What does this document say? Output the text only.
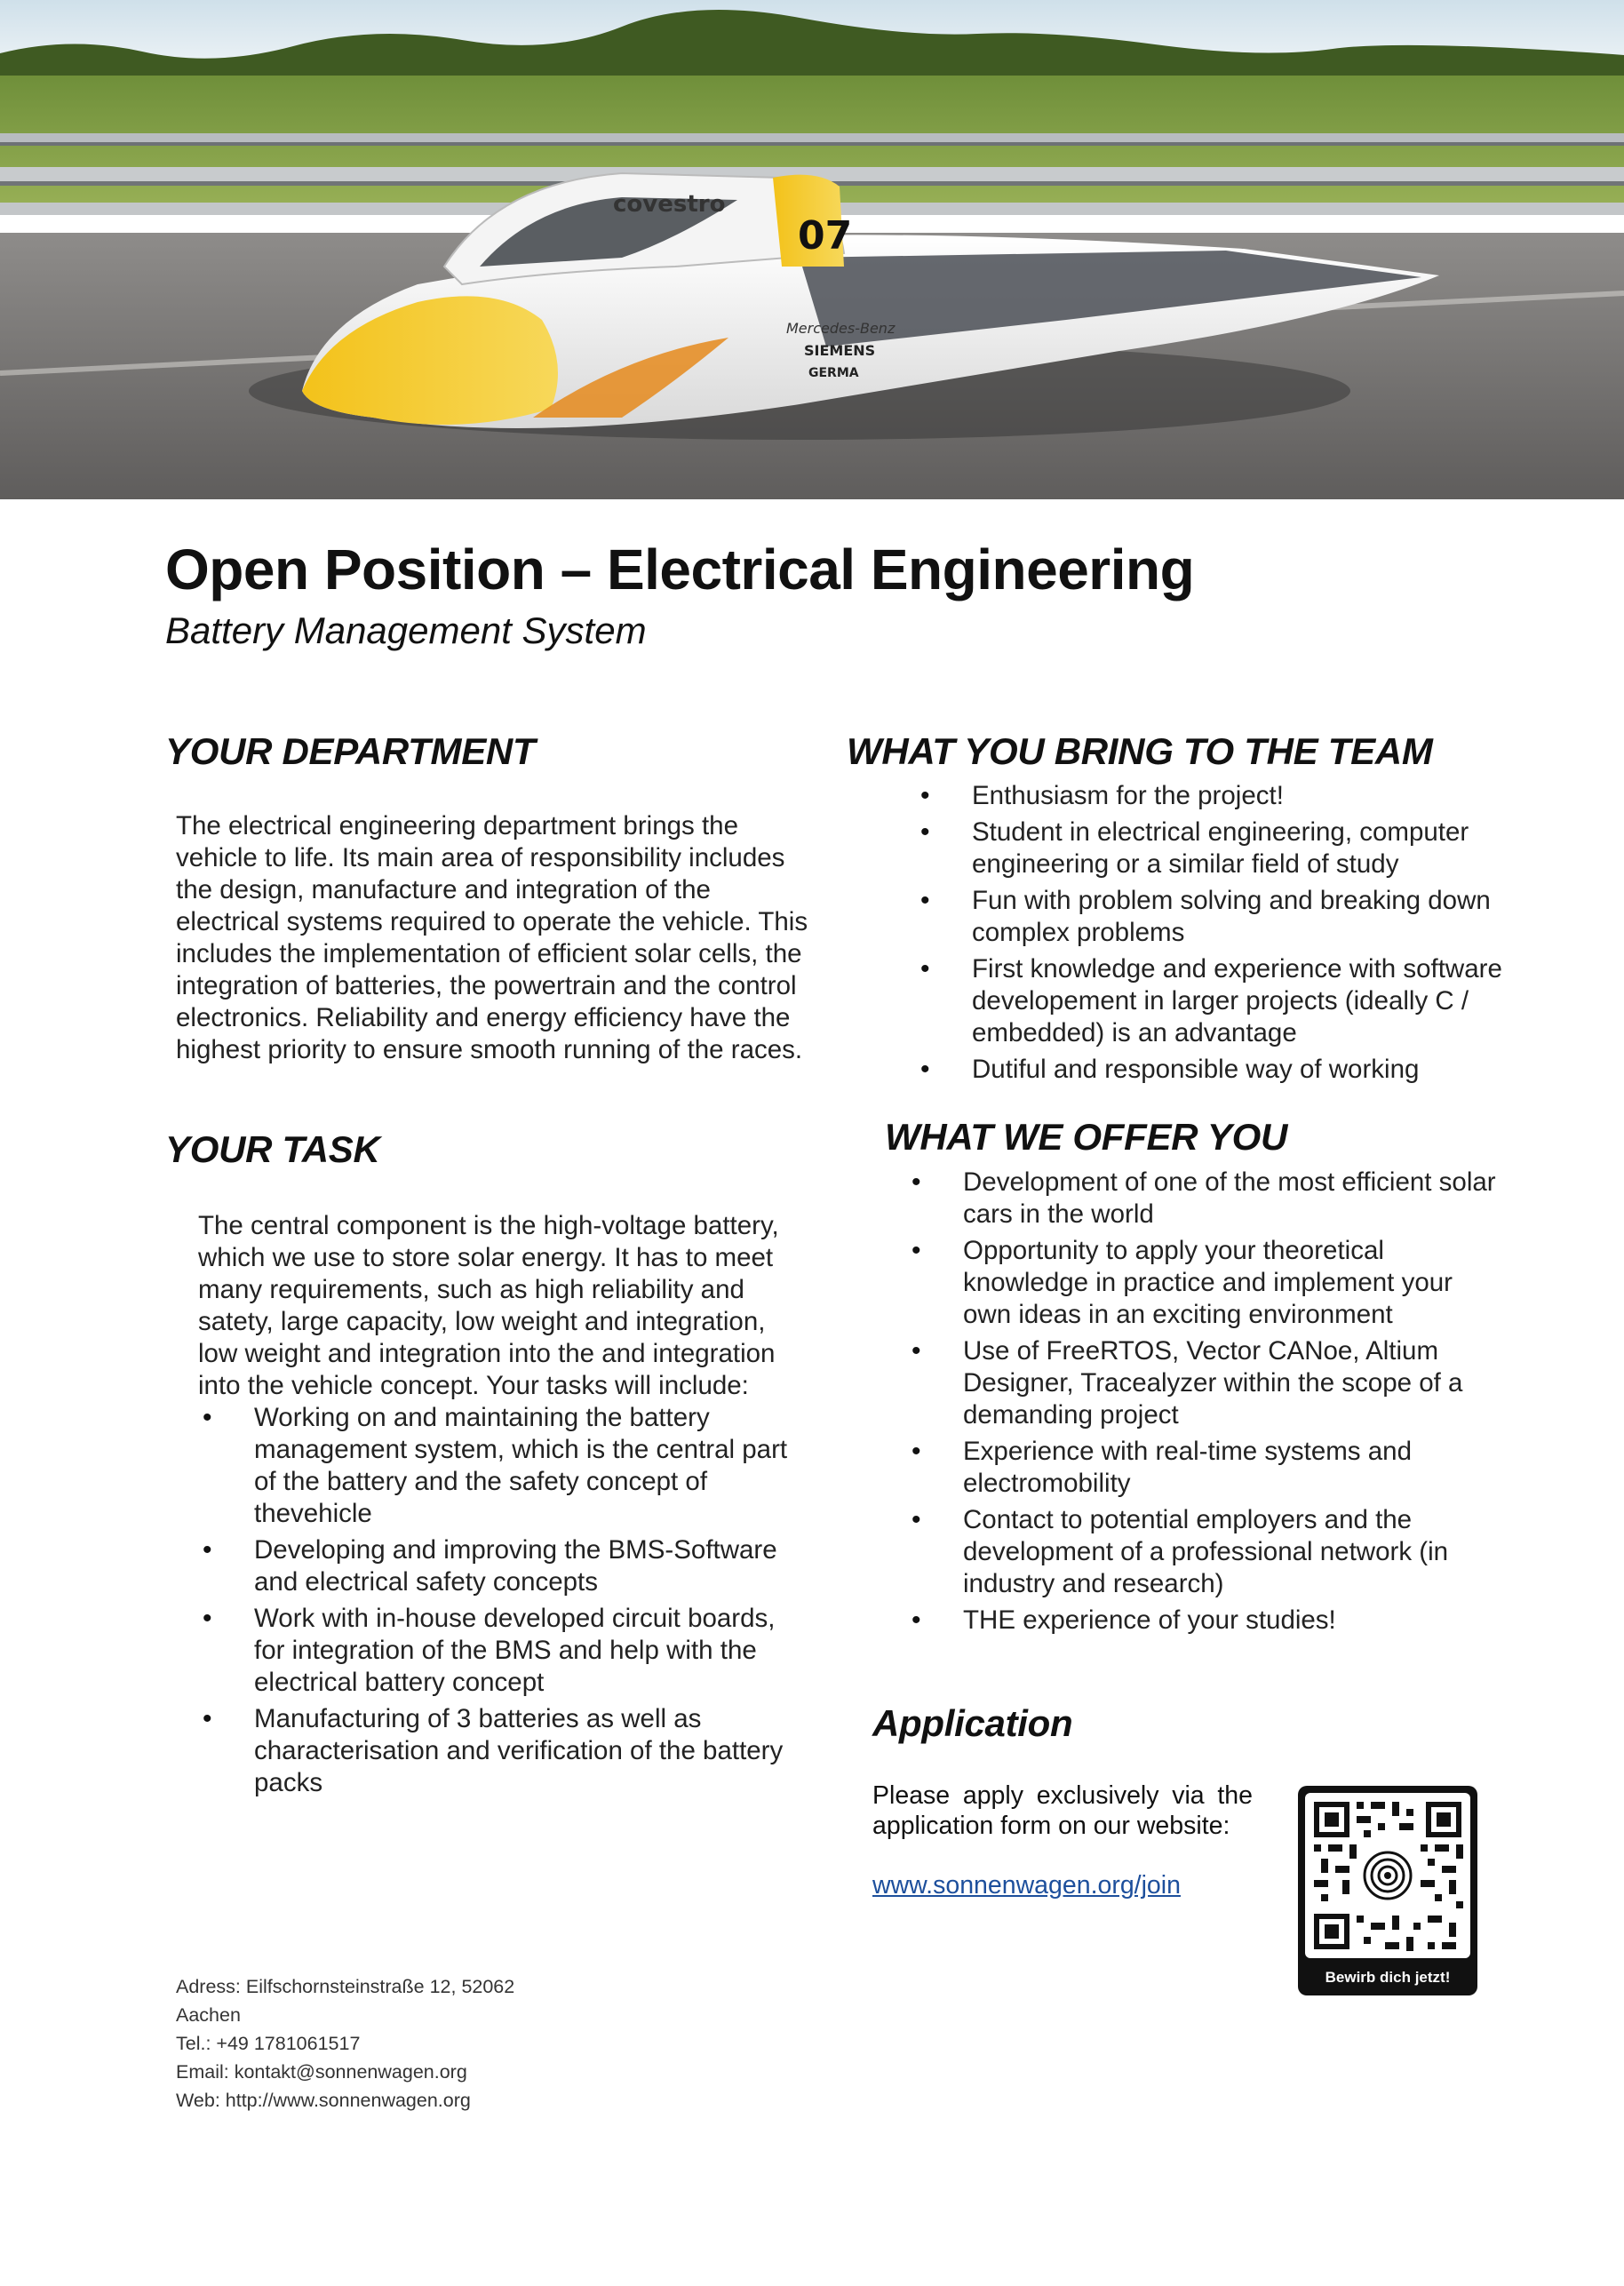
covestro
07
Mercedes-Benz
SIEMENS
GERMA
Open Position – Electrical Engineering
Battery Management System
YOUR DEPARTMENT

The electrical engineering department brings the vehicle to life. Its main area of responsibility includes the design, manufacture and integration of the electrical systems required to operate the vehicle. This includes the implementation of efficient solar cells, the integration of batteries, the powertrain and the control electronics. Reliability and energy efficiency have the highest priority to ensure smooth running of the races.

YOUR TASK

The central component is the high-voltage battery, which we use to store solar energy. It has to meet many requirements, such as high reliability and satety, large capacity, low weight and integration, low weight and integration into the and integration into the vehicle concept. Your tasks will include:

• Working on and maintaining the battery management system, which is the central part of the battery and the safety concept of thevehicle
• Developing and improving the BMS-Software and electrical safety concepts
• Work with in-house developed circuit boards, for integration of the BMS and help with the electrical battery concept
• Manufacturing of 3 batteries as well as characterisation and verification of the battery packs
WHAT YOU BRING TO THE TEAM
• Enthusiasm for the project!
• Student in electrical engineering, computer engineering or a similar field of study
• Fun with problem solving and breaking down complex problems
• First knowledge and experience with software developement in larger projects (ideally C / embedded) is an advantage
• Dutiful and responsible way of working
WHAT WE OFFER YOU
• Development of one of the most efficient solar cars in the world
• Opportunity to apply your theoretical knowledge in practice and implement your own ideas in an exciting environment
• Use of FreeRTOS, Vector CANoe, Altium Designer, Tracealyzer within the scope of a demanding project
• Experience with real-time systems and electromobility
• Contact to potential employers and the development of a professional network (in industry and research)
• THE experience of your studies!
Application

Please apply exclusively via the application form on our website:

www.sonnenwagen.org/join
Bewirb dich jetzt!
Adress: Eilfschornsteinstraße 12, 52062
Aachen
Tel.: +49 1781061517
Email: kontakt@sonnenwagen.org
Web: http://www.sonnenwagen.org
